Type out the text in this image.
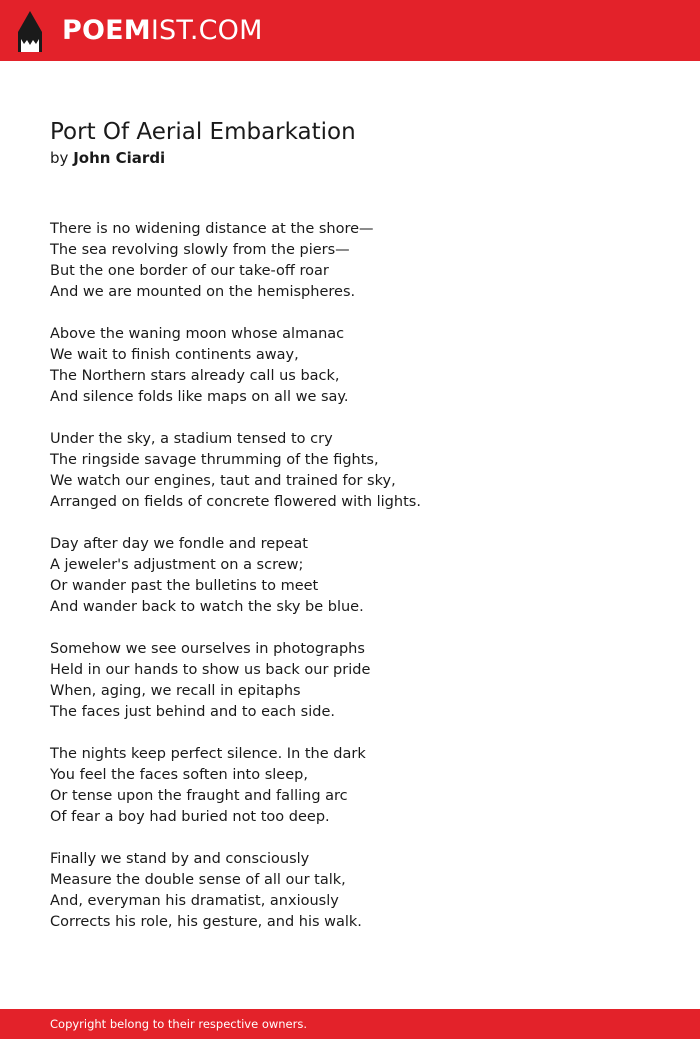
POEMIST.COM
Port Of Aerial Embarkation
by John Ciardi
There is no widening distance at the shore—
The sea revolving slowly from the piers—
But the one border of our take-off roar
And we are mounted on the hemispheres.
Above the waning moon whose almanac
We wait to finish continents away,
The Northern stars already call us back,
And silence folds like maps on all we say.
Under the sky, a stadium tensed to cry
The ringside savage thrumming of the fights,
We watch our engines, taut and trained for sky,
Arranged on fields of concrete flowered with lights.
Day after day we fondle and repeat
A jeweler's adjustment on a screw;
Or wander past the bulletins to meet
And wander back to watch the sky be blue.
Somehow we see ourselves in photographs
Held in our hands to show us back our pride
When, aging, we recall in epitaphs
The faces just behind and to each side.
The nights keep perfect silence. In the dark
You feel the faces soften into sleep,
Or tense upon the fraught and falling arc
Of fear a boy had buried not too deep.
Finally we stand by and consciously
Measure the double sense of all our talk,
And, everyman his dramatist, anxiously
Corrects his role, his gesture, and his walk.
Copyright belong to their respective owners.
